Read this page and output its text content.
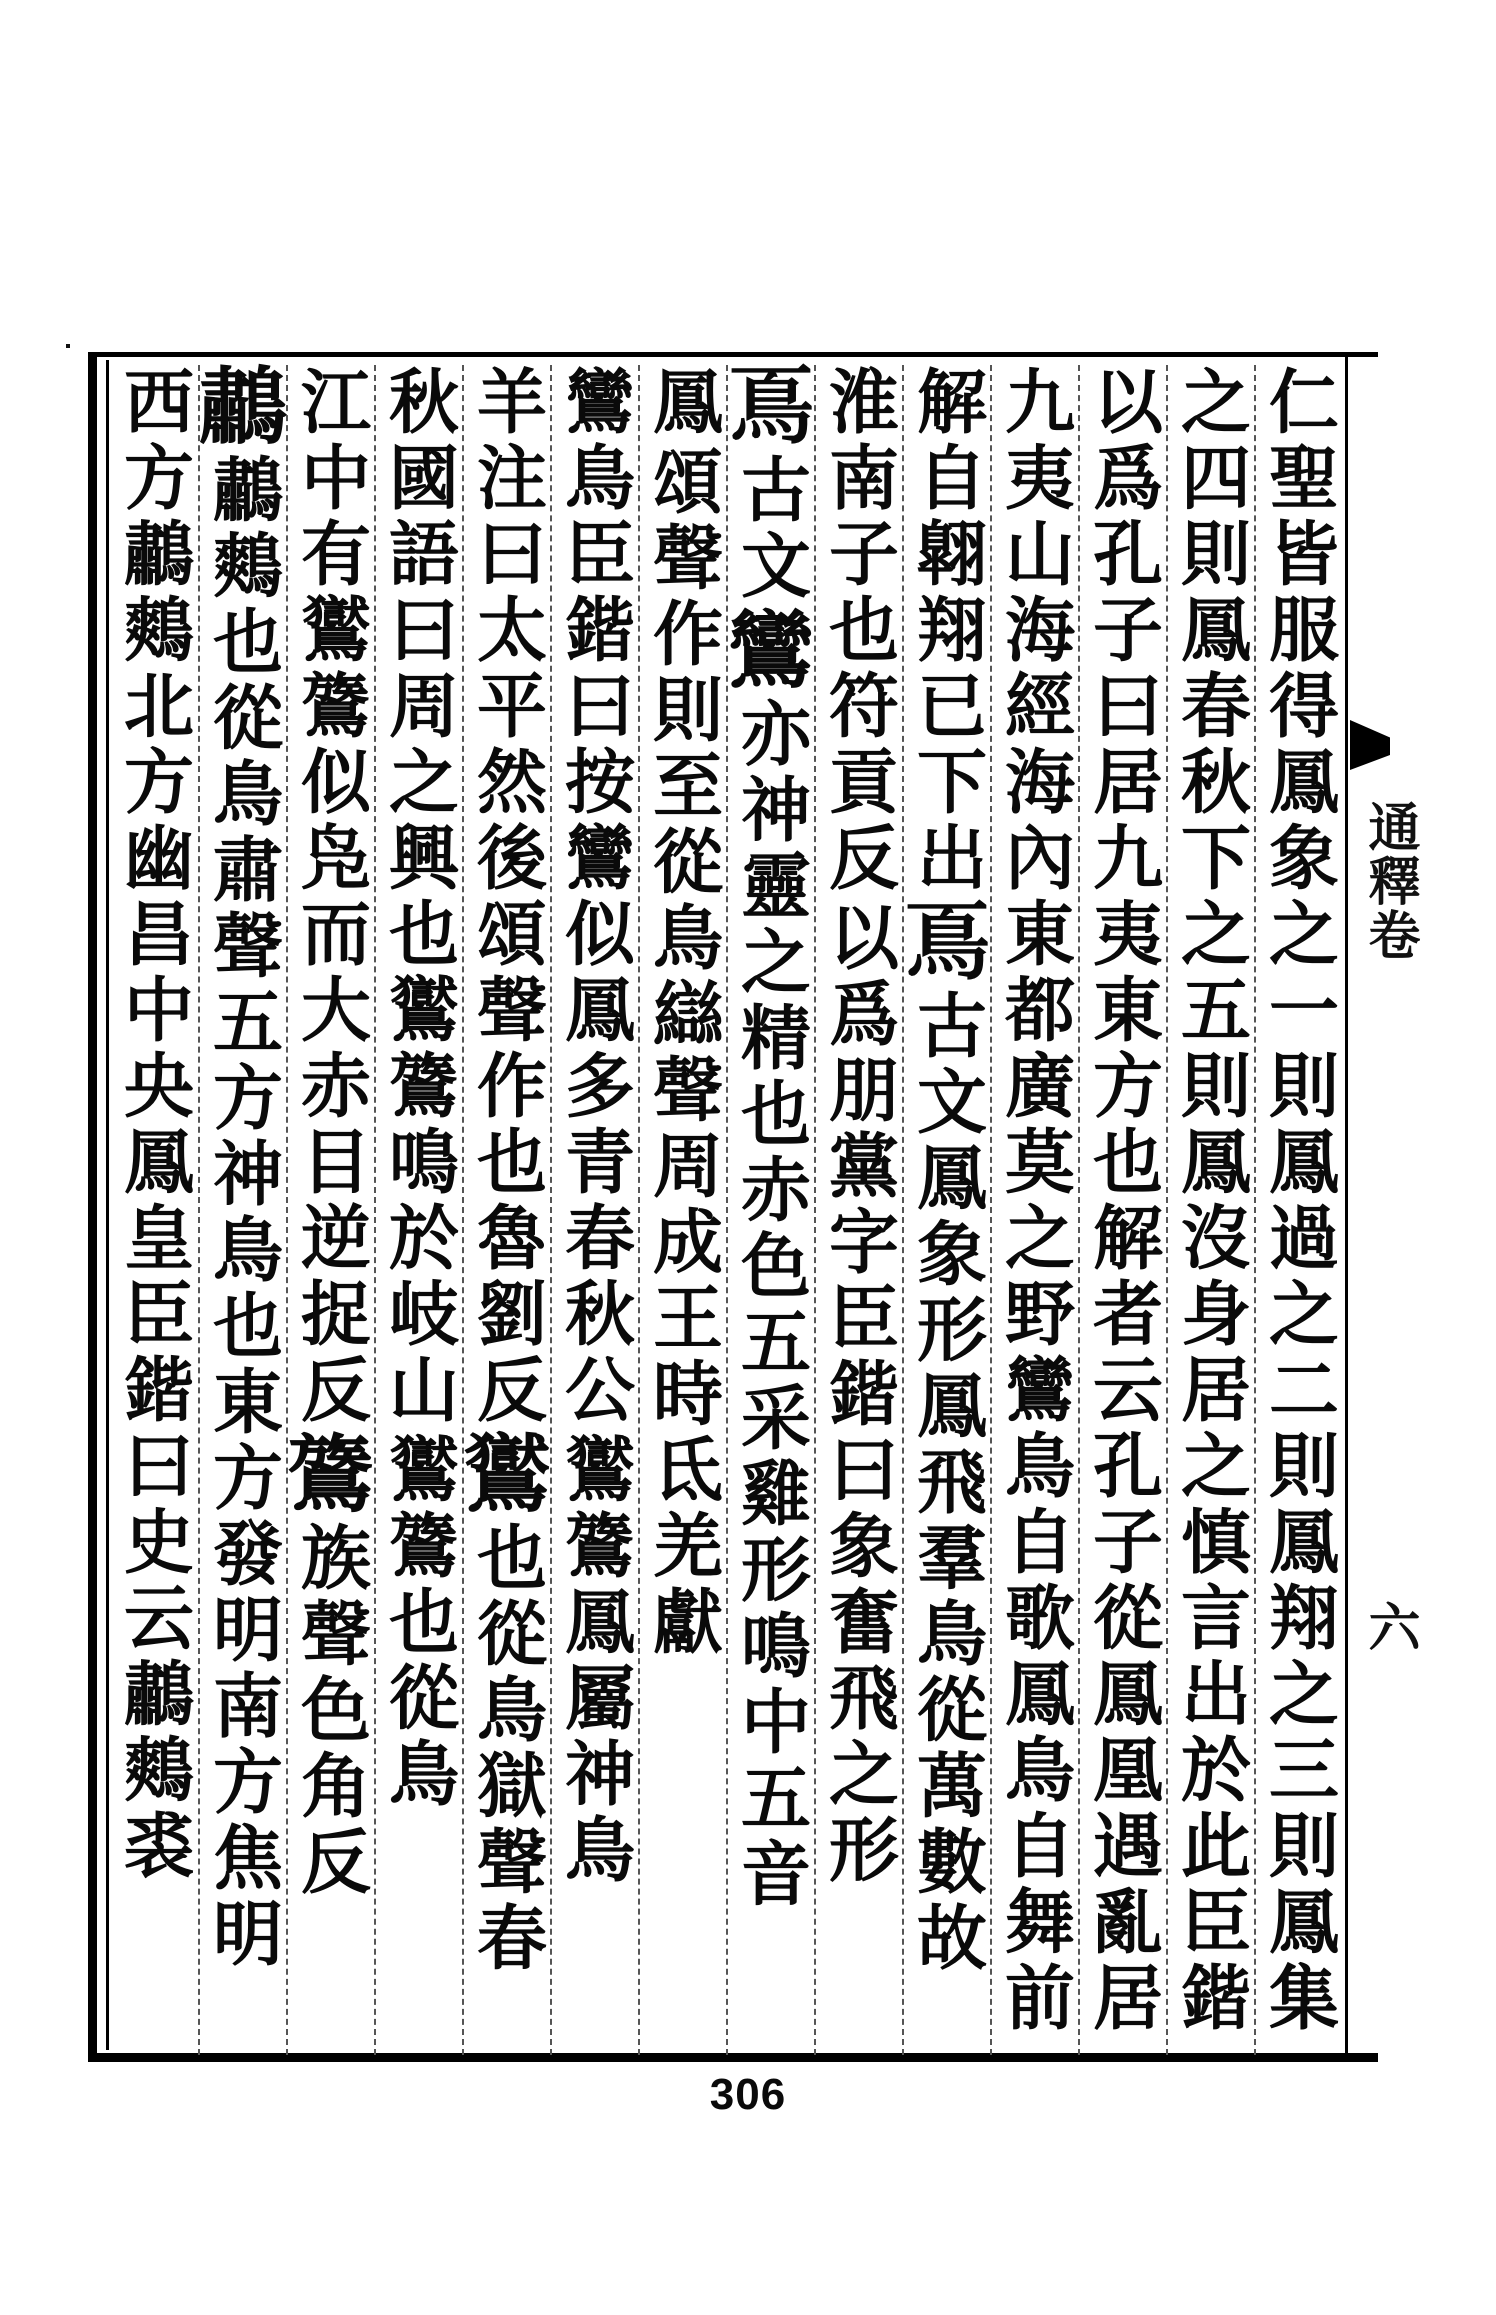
通釋卷
六
仁聖皆服得鳳象之一則鳳過之二則鳳翔之三則鳳集
之四則鳳春秋下之五則鳳沒身居之慎言出於此臣鍇
以爲孔子曰居九夷東方也解者云孔子從鳳凰遇亂居
九夷山海經海內東都廣莫之野鸞鳥自歌鳳鳥自舞前
解自翺翔已下出
𩾏
古文鳳象形鳳飛羣鳥從萬數故
淮南子也符貢反
以爲朋黨字臣鍇曰象奮飛之形
𩾏
古文
鸞
亦神靈之精也赤色五采雞形鳴中五音
鳳
頌聲作則至從鳥䜌聲周成王時氐羌獻
鸞鳥臣鍇曰按鸞似鳳多青春秋公
鸑鷟鳳屬神鳥
羊注曰太平然後頌聲作也魯劉反
鸑
也從鳥獄聲春
秋國語曰周之興也鸑鷟鳴於岐山
鸑鷟也從鳥
江中有鸑鷟似凫而大赤目逆捉反
鷟
族聲色角反
鷫
鷫鷞也從鳥肅聲五方神鳥也東方發明南方焦明
西方鷫鷞北方幽昌中央鳳皇臣鍇曰史云鷫鷞裘
306
